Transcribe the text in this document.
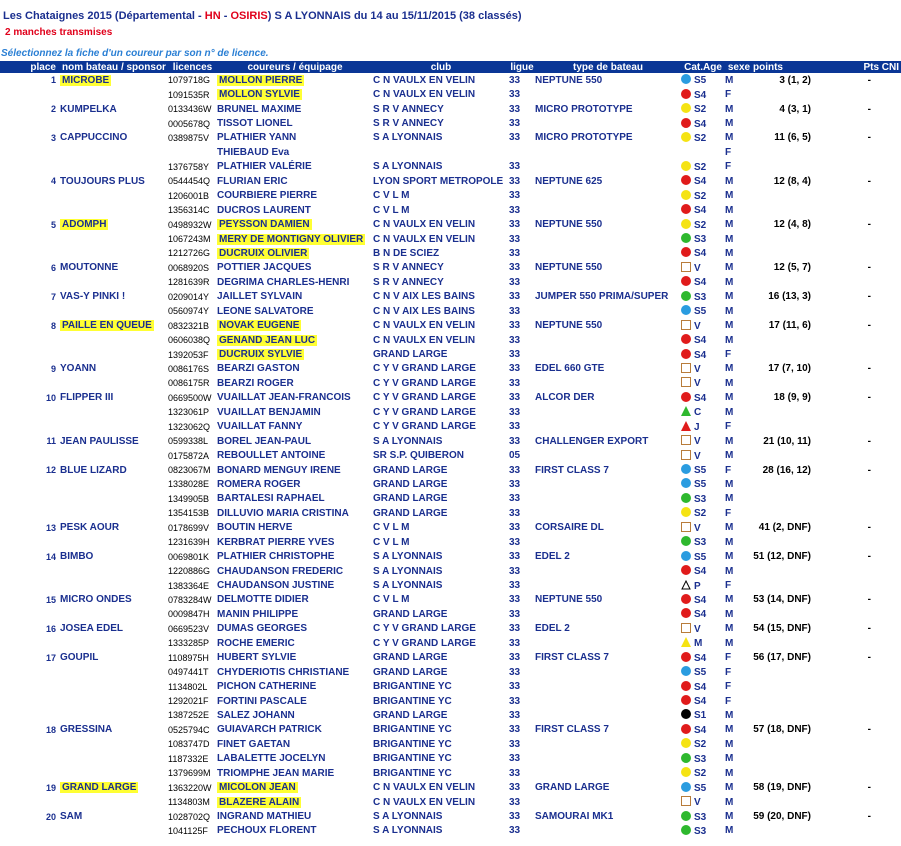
Les Chataignes 2015 (Départemental - HN - OSIRIS) S A LYONNAIS du 14 au 15/11/2015 (38 classés)
2 manches transmises
Sélectionnez la fiche d'un coureur par son n° de licence.
place	nom bateau / sponsor	licences	coureurs / équipage	club	ligue	type de bateau	Cat.Age	sexe	points	Pts CNI
1	MICROBE	1079718G	MOLLON PIERRE	C N VAULX EN VELIN	33	NEPTUNE 550	S5	M	3 (1, 2)	-
		1091535R	MOLLON SYLVIE	C N VAULX EN VELIN	33		S4	F		
2	KUMPELKA	0133436W	BRUNEL MAXIME	S R V ANNECY	33	MICRO PROTOTYPE	S2	M	4 (3, 1)	-
		0005678Q	TISSOT LIONEL	S R V ANNECY	33		S4	M		
3	CAPPUCCINO	0389875V	PLATHIER YANN	S A LYONNAIS	33	MICRO PROTOTYPE	S2	M	11 (6, 5)	-
			THIEBAUD Eva					F		
		1376758Y	PLATHIER VALÉRIE	S A LYONNAIS	33		S2	F		
4	TOUJOURS PLUS	0544454Q	FLURIAN ERIC	LYON SPORT METROPOLE	33	NEPTUNE 625	S4	M	12 (8, 4)	-
		1206001B	COURBIERE PIERRE	C V L M	33		S2	M		
		1356314C	DUCROS LAURENT	C V L M	33		S4	M		
5	ADOMPH	0498932W	PEYSSON DAMIEN	C N VAULX EN VELIN	33	NEPTUNE 550	S2	M	12 (4, 8)	-
		1067243M	MERY DE MONTIGNY OLIVIER	C N VAULX EN VELIN	33		S3	M		
		1212726G	DUCRUIX OLIVIER	B N DE SCIEZ	33		S4	M		
6	MOUTONNE	0068920S	POTTIER JACQUES	S R V ANNECY	33	NEPTUNE 550	V	M	12 (5, 7)	-
		1281639R	DEGRIMA CHARLES-HENRI	S R V ANNECY	33		S4	M		
7	VAS-Y PINKI !	0209014Y	JAILLET SYLVAIN	C N V AIX LES BAINS	33	JUMPER 550 PRIMA/SUPER	S3	M	16 (13, 3)	-
		0560974Y	LEONE SALVATORE	C N V AIX LES BAINS	33		S5	M		
8	PAILLE EN QUEUE	0832321B	NOVAK EUGENE	C N VAULX EN VELIN	33	NEPTUNE 550	V	M	17 (11, 6)	-
		0606038Q	GENAND JEAN LUC	C N VAULX EN VELIN	33		S4	M		
		1392053F	DUCRUIX SYLVIE	GRAND LARGE	33		S4	F		
9	YOANN	0086176S	BEARZI GASTON	C Y V GRAND LARGE	33	EDEL 660 GTE	V	M	17 (7, 10)	-
		0086175R	BEARZI ROGER	C Y V GRAND LARGE	33		V	M		
10	FLIPPER III	0669500W	VUAILLAT JEAN-FRANCOIS	C Y V GRAND LARGE	33	ALCOR DER	S4	M	18 (9, 9)	-
		1323061P	VUAILLAT BENJAMIN	C Y V GRAND LARGE	33		C	M		
		1323062Q	VUAILLAT FANNY	C Y V GRAND LARGE	33		J	F		
11	JEAN PAULISSE	0599338L	BOREL JEAN-PAUL	S A LYONNAIS	33	CHALLENGER EXPORT	V	M	21 (10, 11)	-
		0175872A	REBOULLET ANTOINE	SR S.P. QUIBERON	05		V	M		
12	BLUE LIZARD	0823067M	BONARD MENGUY IRENE	GRAND LARGE	33	FIRST CLASS 7	S5	F	28 (16, 12)	-
		1338028E	ROMERA ROGER	GRAND LARGE	33		S5	M		
		1349905B	BARTALESI RAPHAEL	GRAND LARGE	33		S3	M		
		1354153B	DILLUVIO MARIA CRISTINA	GRAND LARGE	33		S2	F		
13	PESK AOUR	0178699V	BOUTIN HERVE	C V L M	33	CORSAIRE DL	V	M	41 (2, DNF)	-
		1231639H	KERBRAT PIERRE YVES	C V L M	33		S3	M		
14	BIMBO	0069801K	PLATHIER CHRISTOPHE	S A LYONNAIS	33	EDEL 2	S5	M	51 (12, DNF)	-
		1220886G	CHAUDANSON FREDERIC	S A LYONNAIS	33		S4	M		
		1383364E	CHAUDANSON JUSTINE	S A LYONNAIS	33		P	F		
15	MICRO ONDES	0783284W	DELMOTTE DIDIER	C V L M	33	NEPTUNE 550	S4	M	53 (14, DNF)	-
		0009847H	MANIN PHILIPPE	GRAND LARGE	33		S4	M		
16	JOSEA EDEL	0669523V	DUMAS GEORGES	C Y V GRAND LARGE	33	EDEL 2	V	M	54 (15, DNF)	-
		1333285P	ROCHE EMERIC	C Y V GRAND LARGE	33		M	M		
17	GOUPIL	1108975H	HUBERT SYLVIE	GRAND LARGE	33	FIRST CLASS 7	S4	F	56 (17, DNF)	-
		0497441T	CHYDERIOTIS CHRISTIANE	GRAND LARGE	33		S5	F		
		1134802L	PICHON CATHERINE	BRIGANTINE YC	33		S4	F		
		1292021F	FORTINI PASCALE	BRIGANTINE YC	33		S4	F		
		1387252E	SALEZ JOHANN	GRAND LARGE	33		S1	M		
18	GRESSINA	0525794C	GUIAVARCH PATRICK	BRIGANTINE YC	33	FIRST CLASS 7	S4	M	57 (18, DNF)	-
		1083747D	FINET GAETAN	BRIGANTINE YC	33		S2	M		
		1187332E	LABALETTE JOCELYN	BRIGANTINE YC	33		S3	M		
		1379699M	TRIOMPHE JEAN MARIE	BRIGANTINE YC	33		S2	M		
19	GRAND LARGE	1363220W	MICOLON JEAN	C N VAULX EN VELIN	33	GRAND LARGE	S5	M	58 (19, DNF)	-
		1134803M	BLAZERE ALAIN	C N VAULX EN VELIN	33		V	M		
20	SAM	1028702Q	INGRAND MATHIEU	S A LYONNAIS	33	SAMOURAI MK1	S3	M	59 (20, DNF)	-
		1041125F	PECHOUX FLORENT	S A LYONNAIS	33		S3	M		
